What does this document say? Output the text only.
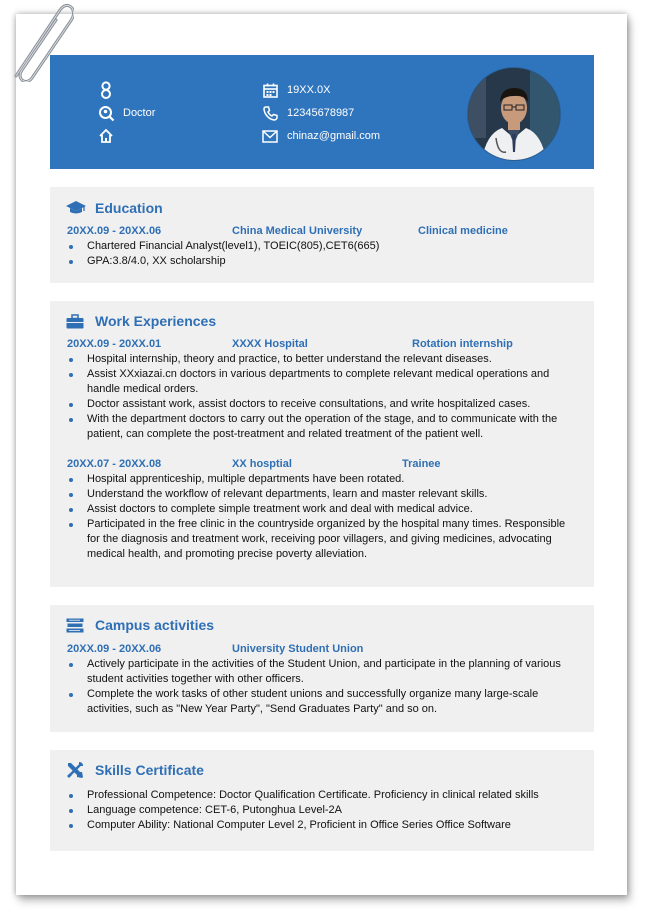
Doctor
19XX.0X
12345678987
chinaz@gmail.com
Education
20XX.09 - 20XX.06	China Medical University	Clinical medicine
Chartered Financial Analyst(level1), TOEIC(805),CET6(665)
GPA:3.8/4.0, XX scholarship
Work Experiences
20XX.09 - 20XX.01	XXXX Hospital	Rotation internship
Hospital internship, theory and practice, to better understand the relevant diseases.
Assist XXxiazai.cn doctors in various departments to complete relevant medical operations and handle medical orders.
Doctor assistant work, assist doctors to receive consultations, and write hospitalized cases.
With the department doctors to carry out the operation of the stage, and to communicate with the patient, can complete the post-treatment and related treatment of the patient well.
20XX.07 - 20XX.08	XX hosptial	Trainee
Hospital apprenticeship, multiple departments have been rotated.
Understand the workflow of relevant departments, learn and master relevant skills.
Assist doctors to complete simple treatment work and deal with medical advice.
Participated in the free clinic in the countryside organized by the hospital many times. Responsible for the diagnosis and treatment work, receiving poor villagers, and giving medicines, advocating medical health, and promoting precise poverty alleviation.
Campus activities
20XX.09 - 20XX.06	University Student Union
Actively participate in the activities of the Student Union, and participate in the planning of various student activities together with other officers.
Complete the work tasks of other student unions and successfully organize many large-scale activities, such as "New Year Party", "Send Graduates Party" and so on.
Skills Certificate
Professional Competence: Doctor Qualification Certificate. Proficiency in clinical related skills
Language competence: CET-6, Putonghua Level-2A
Computer Ability: National Computer Level 2, Proficient in Office Series Office Software
